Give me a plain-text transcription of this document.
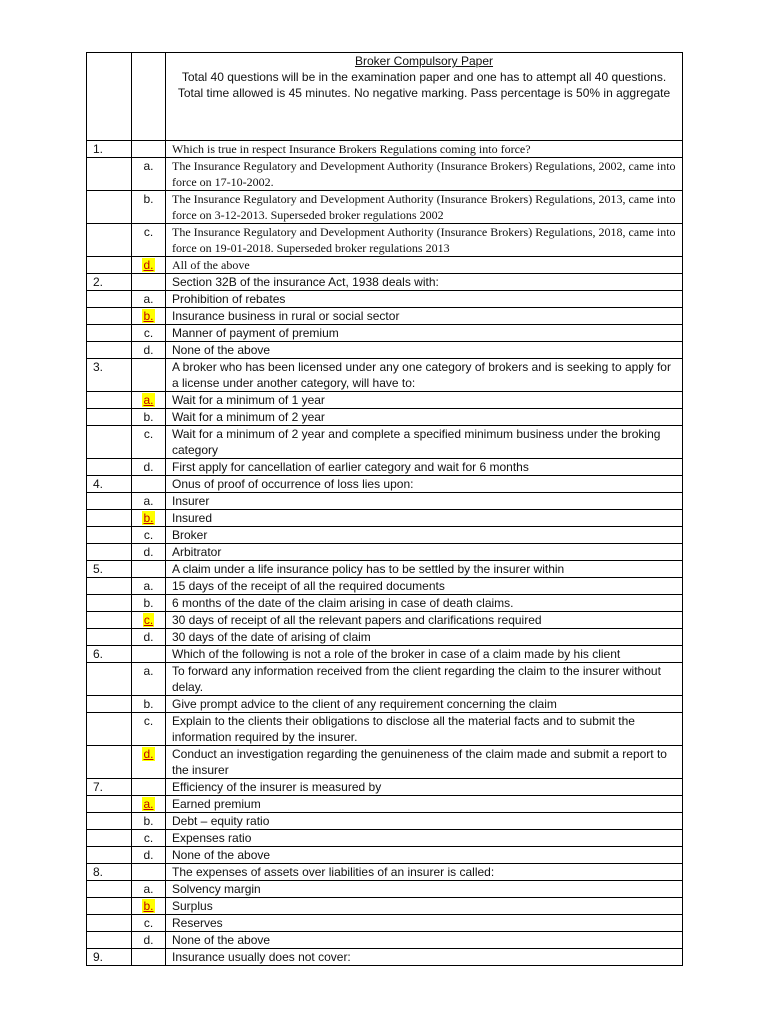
		Broker Compulsory Paper
Total 40 questions will be in the examination paper and one has to attempt all 40 questions. Total time allowed is 45 minutes. No negative marking. Pass percentage is 50% in aggregate
1.		Which is true in respect Insurance Brokers Regulations coming into force?
	a.	The Insurance Regulatory and Development Authority (Insurance Brokers) Regulations, 2002, came into force on 17-10-2002.
	b.	The Insurance Regulatory and Development Authority (Insurance Brokers) Regulations, 2013, came into force on 3-12-2013. Superseded broker regulations 2002
	c.	The Insurance Regulatory and Development Authority (Insurance Brokers) Regulations, 2018, came into force on 19-01-2018. Superseded broker regulations 2013
	d.	All of the above
2.		Section 32B of the insurance Act, 1938 deals with:
	a.	Prohibition of rebates
	b.	Insurance business in rural or social sector
	c.	Manner of payment of premium
	d.	None of the above
3.		A broker who has been licensed under any one category of brokers and is seeking to apply for a license under another category, will have to:
	a.	Wait for a minimum of 1 year
	b.	Wait for a minimum of 2 year
	c.	Wait for a minimum of 2 year and complete a specified minimum business under the broking category
	d.	First apply for cancellation of earlier category and wait for 6 months
4.		Onus of proof of occurrence of loss lies upon:
	a.	Insurer
	b.	Insured
	c.	Broker
	d.	Arbitrator
5.		A claim under a life insurance policy has to be settled by the insurer within
	a.	15 days of the receipt of all the required documents
	b.	6 months of the date of the claim arising in case of death claims.
	c.	30 days of receipt of all the relevant papers and clarifications required
	d.	30 days of the date of arising of claim
6.		Which of the following is not a role of the broker in case of a claim made by his client
	a.	To forward any information received from the client regarding the claim to the insurer without delay.
	b.	Give prompt advice to the client of any requirement concerning the claim
	c.	Explain to the clients their obligations to disclose all the material facts and to submit the information required by the insurer.
	d.	Conduct an investigation regarding the genuineness of the claim made and submit a report to the insurer
7.		Efficiency of the insurer is measured by
	a.	Earned premium
	b.	Debt – equity ratio
	c.	Expenses ratio
	d.	None of the above
8.		The expenses of assets over liabilities of an insurer is called:
	a.	Solvency margin
	b.	Surplus
	c.	Reserves
	d.	None of the above
9.		Insurance usually does not cover:
